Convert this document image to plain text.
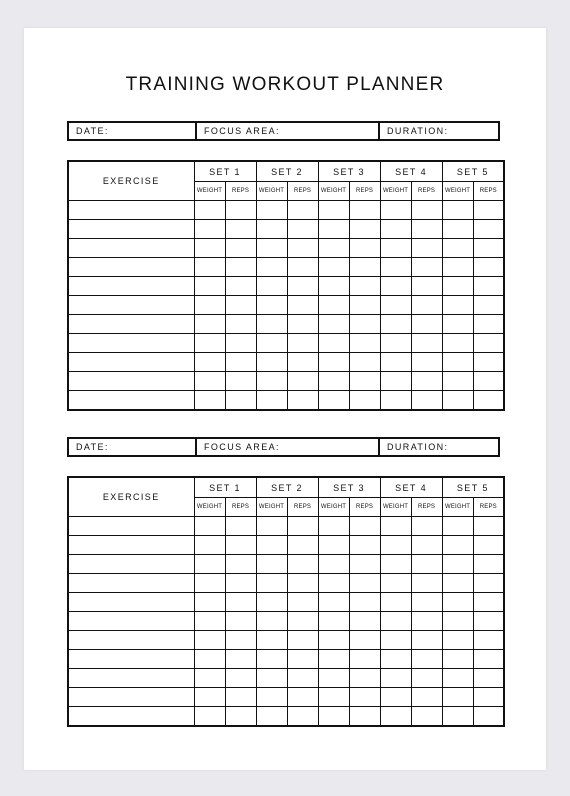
TRAINING WORKOUT PLANNER
DATE:	FOCUS AREA:	DURATION:
EXERCISE	SET 1		SET 2		SET 3		SET 4		SET 5	
	WEIGHT	REPS	WEIGHT	REPS	WEIGHT	REPS	WEIGHT	REPS	WEIGHT	REPS

DATE:	FOCUS AREA:	DURATION:
EXERCISE	SET 1		SET 2		SET 3		SET 4		SET 5	
	WEIGHT	REPS	WEIGHT	REPS	WEIGHT	REPS	WEIGHT	REPS	WEIGHT	REPS
